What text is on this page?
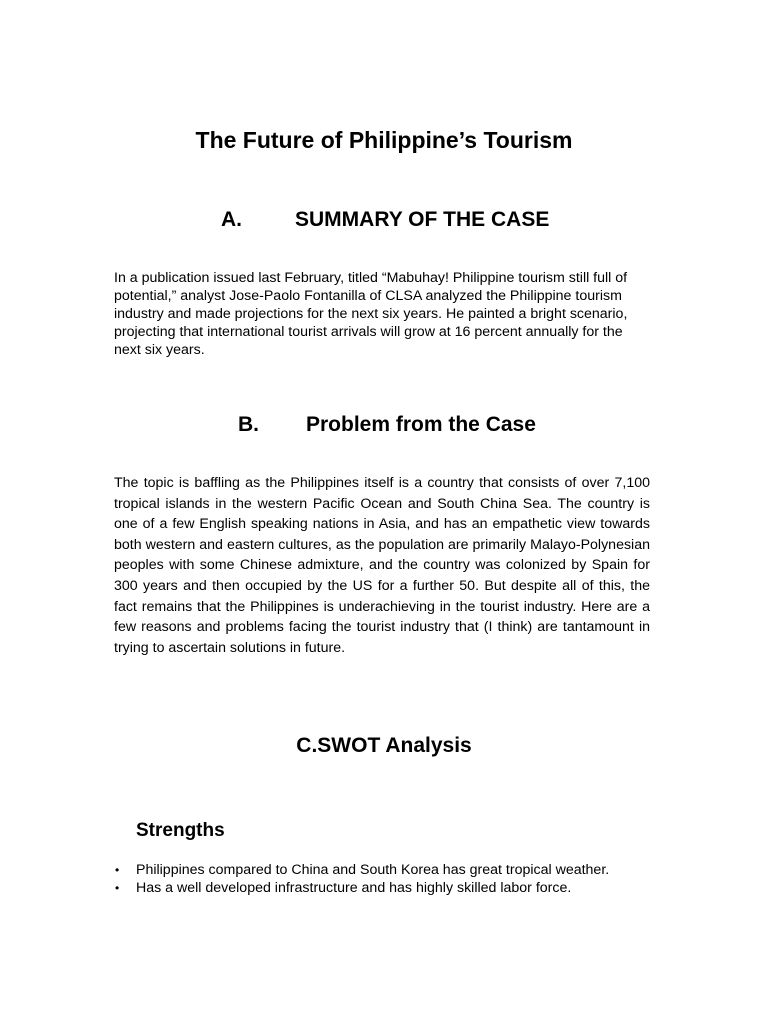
The Future of Philippine’s Tourism
A.	SUMMARY OF THE CASE

In a publication issued last February, titled “Mabuhay! Philippine tourism still full of potential,” analyst Jose-Paolo Fontanilla of CLSA analyzed the Philippine tourism industry and made projections for the next six years. He painted a bright scenario, projecting that international tourist arrivals will grow at 16 percent annually for the next six years.

B. Problem from the Case

The topic is baffling as the Philippines itself is a country that consists of over 7,100 tropical islands in the western Pacific Ocean and South China Sea. The country is one of a few English speaking nations in Asia, and has an empathetic view towards both western and eastern cultures, as the population are primarily Malayo-Polynesian peoples with some Chinese admixture, and the country was colonized by Spain for 300 years and then occupied by the US for a further 50. But despite all of this, the fact remains that the Philippines is underachieving in the tourist industry. Here are a few reasons and problems facing the tourist industry that (I think) are tantamount in trying to ascertain solutions in future.

C.SWOT Analysis
Strengths
• Philippines compared to China and South Korea has great tropical weather.
• Has a well developed infrastructure and has highly skilled labor force.
